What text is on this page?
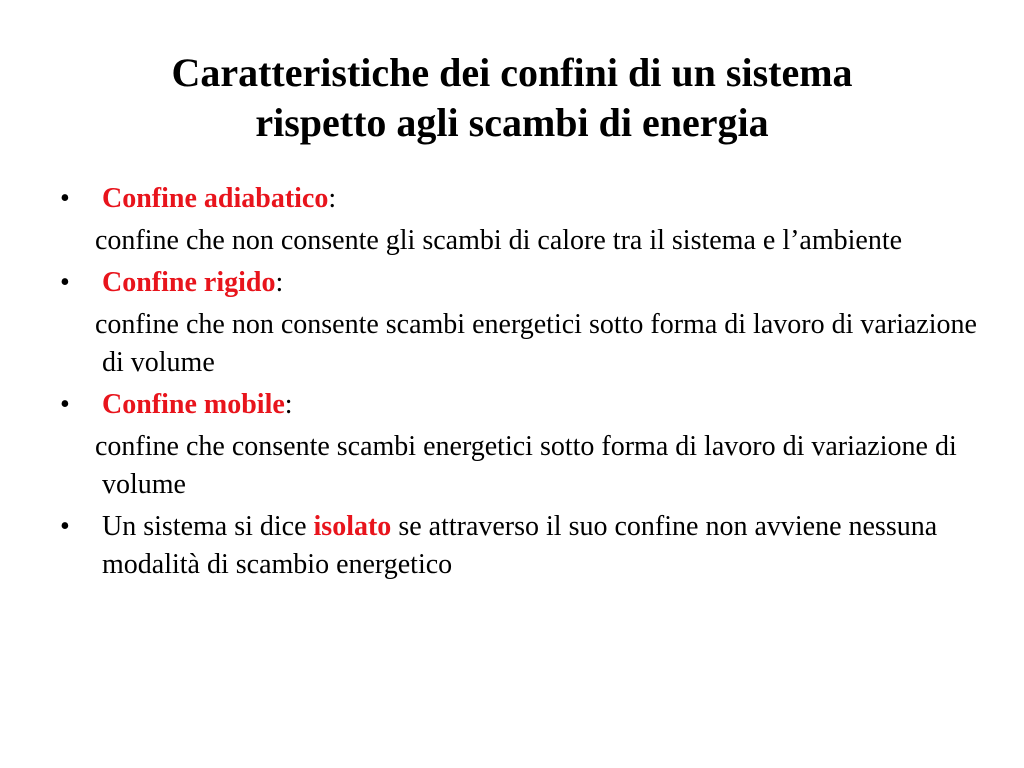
Caratteristiche dei confini di un sistema
rispetto agli scambi di energia

•	Confine adiabatico:

confine che non consente gli scambi di calore tra il sistema e l’ambiente

•	Confine rigido:

confine che non consente scambi energetici sotto forma di lavoro di variazione di volume

•	Confine mobile:

confine che consente scambi energetici sotto forma di lavoro di variazione di volume

•	Un sistema si dice isolato se attraverso il suo confine non avviene nessuna modalità di scambio energetico
